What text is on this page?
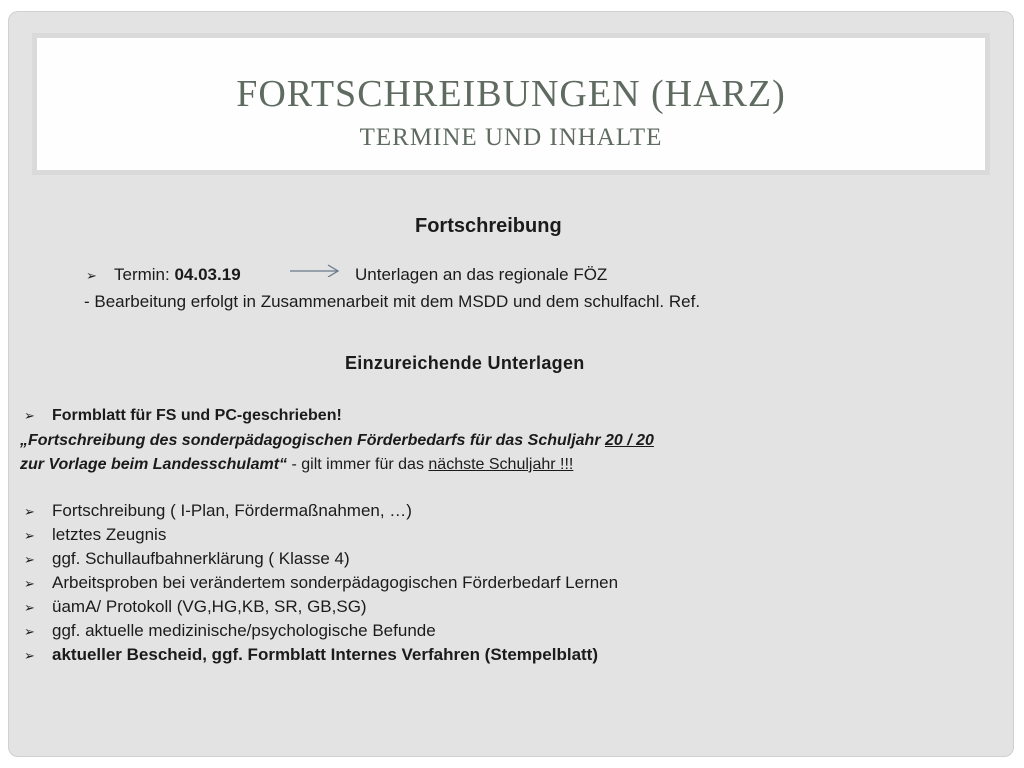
FORTSCHREIBUNGEN (HARZ)
TERMINE UND INHALTE
Fortschreibung
➢ Termin: 04.03.19	Unterlagen an das regionale FÖZ
- Bearbeitung erfolgt in Zusammenarbeit mit dem MSDD und dem schulfachl. Ref.
Einzureichende Unterlagen
➢ Formblatt für FS und PC-geschrieben!
„Fortschreibung des sonderpädagogischen Förderbedarfs für das Schuljahr 20 / 20
zur Vorlage beim Landesschulamt“ - gilt immer für das nächste Schuljahr !!!
➢ Fortschreibung ( I-Plan, Fördermaßnahmen, …)
➢ letztes Zeugnis
➢ ggf. Schullaufbahnerklärung ( Klasse 4)
➢ Arbeitsproben bei verändertem sonderpädagogischen Förderbedarf Lernen
➢ üamA/ Protokoll (VG,HG,KB, SR, GB,SG)
➢ ggf. aktuelle medizinische/psychologische Befunde
➢ aktueller Bescheid, ggf. Formblatt Internes Verfahren (Stempelblatt)
